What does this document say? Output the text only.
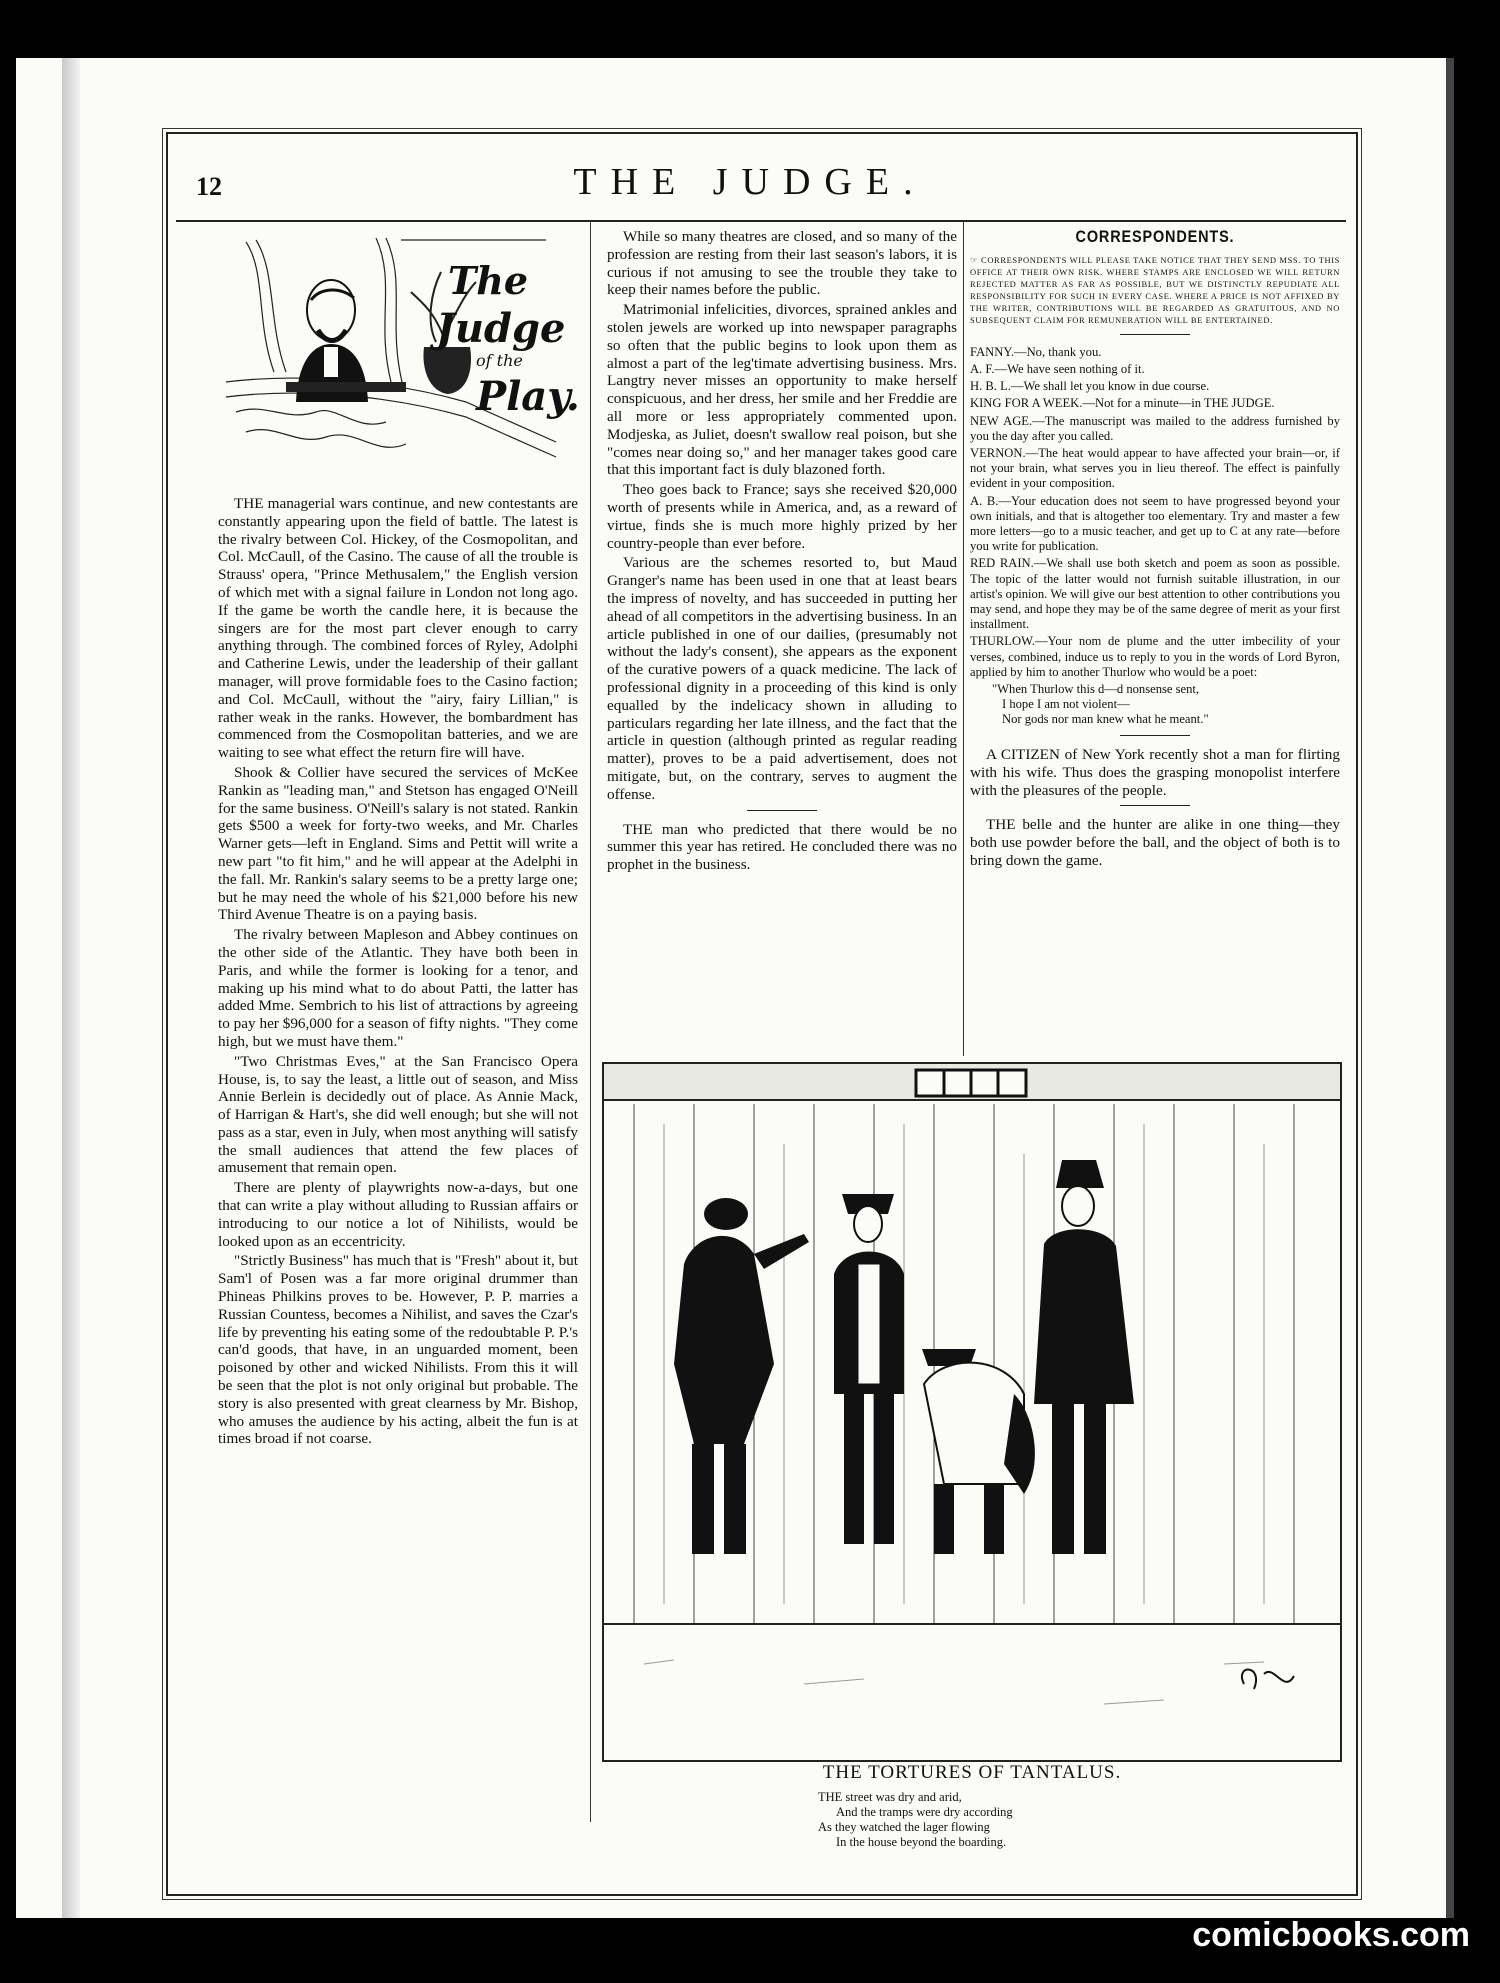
12	THE JUDGE.
The
Judge
of the
Play.

THE managerial wars continue, and new contestants are constantly appearing upon the field of battle. The latest is the rivalry between Col. Hickey, of the Cosmopolitan, and Col. McCaull, of the Casino. The cause of all the trouble is Strauss' opera, "Prince Methusalem," the English version of which met with a signal failure in London not long ago. If the game be worth the candle here, it is because the singers are for the most part clever enough to carry anything through. The combined forces of Ryley, Adolphi and Catherine Lewis, under the leadership of their gallant manager, will prove formidable foes to the Casino faction; and Col. McCaull, without the "airy, fairy Lillian," is rather weak in the ranks. However, the bombardment has commenced from the Cosmopolitan batteries, and we are waiting to see what effect the return fire will have.

Shook & Collier have secured the services of McKee Rankin as "leading man," and Stetson has engaged O'Neill for the same business. O'Neill's salary is not stated. Rankin gets $500 a week for forty-two weeks, and Mr. Charles Warner gets—left in England. Sims and Pettit will write a new part "to fit him," and he will appear at the Adelphi in the fall. Mr. Rankin's salary seems to be a pretty large one; but he may need the whole of his $21,000 before his new Third Avenue Theatre is on a paying basis.

The rivalry between Mapleson and Abbey continues on the other side of the Atlantic. They have both been in Paris, and while the former is looking for a tenor, and making up his mind what to do about Patti, the latter has added Mme. Sembrich to his list of attractions by agreeing to pay her $96,000 for a season of fifty nights. "They come high, but we must have them."

"Two Christmas Eves," at the San Francisco Opera House, is, to say the least, a little out of season, and Miss Annie Berlein is decidedly out of place. As Annie Mack, of Harrigan & Hart's, she did well enough; but she will not pass as a star, even in July, when most anything will satisfy the small audiences that attend the few places of amusement that remain open.

There are plenty of playwrights now-a-days, but one that can write a play without alluding to Russian affairs or introducing to our notice a lot of Nihilists, would be looked upon as an eccentricity.

"Strictly Business" has much that is "Fresh" about it, but Sam'l of Posen was a far more original drummer than Phineas Philkins proves to be. However, P. P. marries a Russian Countess, becomes a Nihilist, and saves the Czar's life by preventing his eating some of the redoubtable P. P.'s can'd goods, that have, in an unguarded moment, been poisoned by other and wicked Nihilists. From this it will be seen that the plot is not only original but probable. The story is also presented with great clearness by Mr. Bishop, who amuses the audience by his acting, albeit the fun is at times broad if not coarse.

While so many theatres are closed, and so many of the profession are resting from their last season's labors, it is curious if not amusing to see the trouble they take to keep their names before the public.

Matrimonial infelicities, divorces, sprained ankles and stolen jewels are worked up into newspaper paragraphs so often that the public begins to look upon them as almost a part of the leg'timate advertising business. Mrs. Langtry never misses an opportunity to make herself conspicuous, and her dress, her smile and her Freddie are all more or less appropriately commented upon. Modjeska, as Juliet, doesn't swallow real poison, but she "comes near doing so," and her manager takes good care that this important fact is duly blazoned forth.

Theo goes back to France; says she received $20,000 worth of presents while in America, and, as a reward of virtue, finds she is much more highly prized by her country-people than ever before.

Various are the schemes resorted to, but Maud Granger's name has been used in one that at least bears the impress of novelty, and has succeeded in putting her ahead of all competitors in the advertising business. In an article published in one of our dailies, (presumably not without the lady's consent), she appears as the exponent of the curative powers of a quack medicine. The lack of professional dignity in a proceeding of this kind is only equalled by the indelicacy shown in alluding to particulars regarding her late illness, and the fact that the article in question (although printed as regular reading matter), proves to be a paid advertisement, does not mitigate, but, on the contrary, serves to augment the offense.

THE man who predicted that there would be no summer this year has retired. He concluded there was no prophet in the business.

CORRESPONDENTS.
☞ CORRESPONDENTS WILL PLEASE TAKE NOTICE THAT THEY SEND MSS. TO THIS OFFICE AT THEIR OWN RISK. WHERE STAMPS ARE ENCLOSED WE WILL RETURN REJECTED MATTER AS FAR AS POSSIBLE, BUT WE DISTINCTLY REPUDIATE ALL RESPONSIBILITY FOR SUCH IN EVERY CASE. WHERE A PRICE IS NOT AFFIXED BY THE WRITER, CONTRIBUTIONS WILL BE REGARDED AS GRATUITOUS, AND NO SUBSEQUENT CLAIM FOR REMUNERATION WILL BE ENTERTAINED.

FANNY.—No, thank you.

A. F.—We have seen nothing of it.

H. B. L.—We shall let you know in due course.

KING FOR A WEEK.—Not for a minute—in THE JUDGE.

NEW AGE.—The manuscript was mailed to the address furnished by you the day after you called.

VERNON.—The heat would appear to have affected your brain—or, if not your brain, what serves you in lieu thereof. The effect is painfully evident in your composition.

A. B.—Your education does not seem to have progressed beyond your own initials, and that is altogether too elementary. Try and master a few more letters—go to a music teacher, and get up to C at any rate—before you write for publication.

RED RAIN.—We shall use both sketch and poem as soon as possible. The topic of the latter would not furnish suitable illustration, in our artist's opinion. We will give our best attention to other contributions you may send, and hope they may be of the same degree of merit as your first installment.

THURLOW.—Your nom de plume and the utter imbecility of your verses, combined, induce us to reply to you in the words of Lord Byron, applied by him to another Thurlow who would be a poet:

"When Thurlow this d—d nonsense sent,
I hope I am not violent—
Nor gods nor man knew what he meant."

A CITIZEN of New York recently shot a man for flirting with his wife. Thus does the grasping monopolist interfere with the pleasures of the people.

THE belle and the hunter are alike in one thing—they both use powder before the ball, and the object of both is to bring down the game.

THE TORTURES OF TANTALUS.
THE street was dry and arid,
And the tramps were dry according
As they watched the lager flowing
In the house beyond the boarding.
comicbooks.com
